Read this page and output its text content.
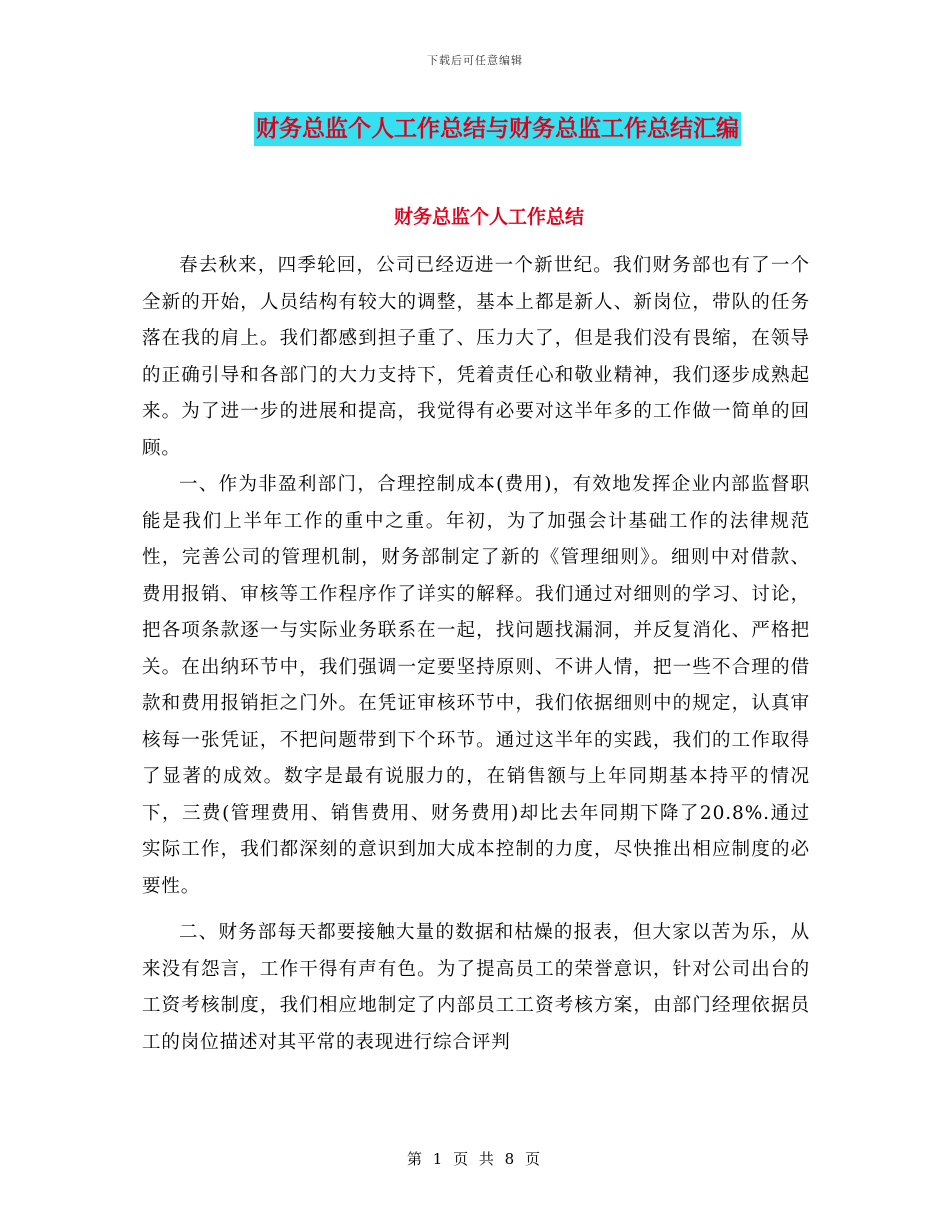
下载后可任意编辑
财务总监个人工作总结与财务总监工作总结汇编
财务总监个人工作总结

春去秋来，四季轮回，公司已经迈进一个新世纪。我们财务部也有了一个全新的开始，人员结构有较大的调整，基本上都是新人、新岗位，带队的任务落在我的肩上。我们都感到担子重了、压力大了，但是我们没有畏缩，在领导的正确引导和各部门的大力支持下，凭着责任心和敬业精神，我们逐步成熟起来。为了进一步的进展和提高，我觉得有必要对这半年多的工作做一简单的回顾。

一、作为非盈利部门，合理控制成本(费用)，有效地发挥企业内部监督职能是我们上半年工作的重中之重。年初，为了加强会计基础工作的法律规范性，完善公司的管理机制，财务部制定了新的《管理细则》。细则中对借款、费用报销、审核等工作程序作了详实的解释。我们通过对细则的学习、讨论，把各项条款逐一与实际业务联系在一起，找问题找漏洞，并反复消化、严格把关。在出纳环节中，我们强调一定要坚持原则、不讲人情，把一些不合理的借款和费用报销拒之门外。在凭证审核环节中，我们依据细则中的规定，认真审核每一张凭证，不把问题带到下个环节。通过这半年的实践，我们的工作取得了显著的成效。数字是最有说服力的，在销售额与上年同期基本持平的情况下，三费(管理费用、销售费用、财务费用)却比去年同期下降了20.8%.通过实际工作，我们都深刻的意识到加大成本控制的力度，尽快推出相应制度的必要性。

二、财务部每天都要接触大量的数据和枯燥的报表，但大家以苦为乐，从来没有怨言，工作干得有声有色。为了提高员工的荣誉意识，针对公司出台的工资考核制度，我们相应地制定了内部员工工资考核方案，由部门经理依据员工的岗位描述对其平常的表现进行综合评判

第 1 页 共 8 页
